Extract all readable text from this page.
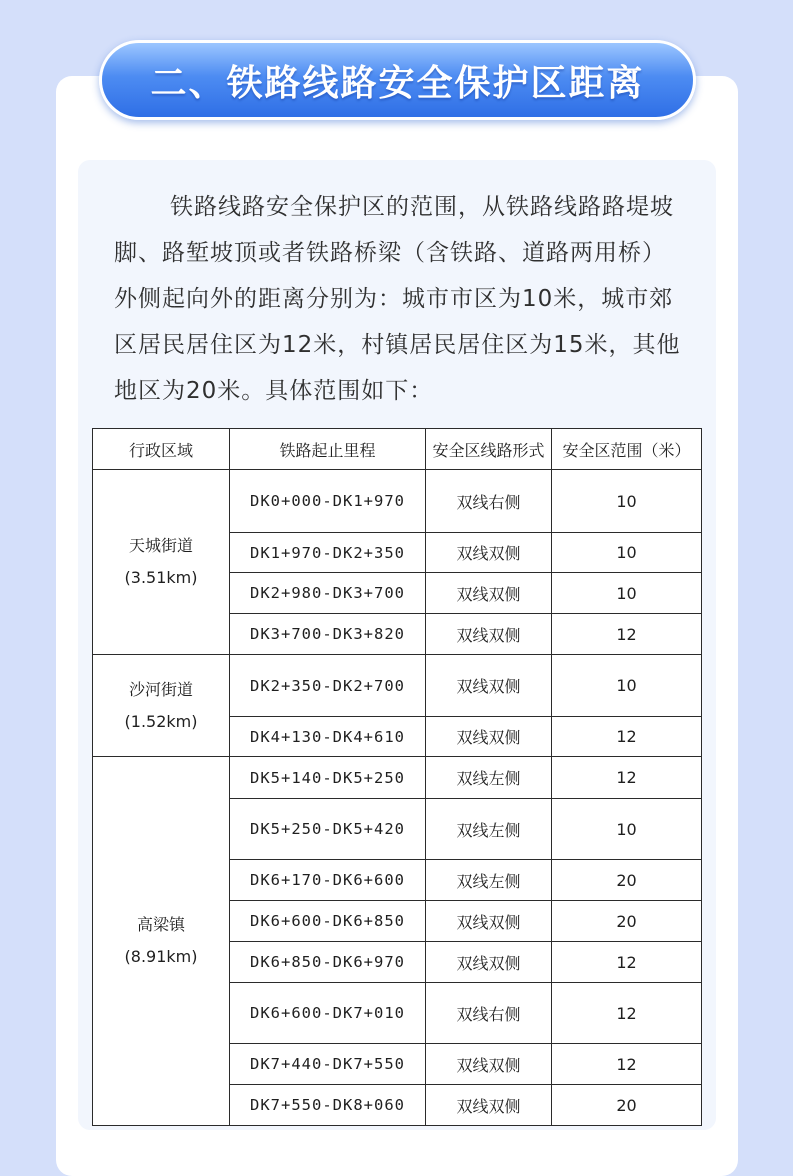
二、铁路线路安全保护区距离

铁路线路安全保护区的范围，从铁路线路路堤坡脚、路堑坡顶或者铁路桥梁（含铁路、道路两用桥）外侧起向外的距离分别为：城市市区为10米，城市郊区居民居住区为12米，村镇居民居住区为15米，其他地区为20米。具体范围如下：

行政区域	铁路起止里程	安全区线路形式	安全区范围（米）

天城街道
(3.51km)	DK0+000-DK1+970	双线右侧	10
	DK1+970-DK2+350	双线双侧	10
	DK2+980-DK3+700	双线双侧	10
	DK3+700-DK3+820	双线双侧	12

沙河街道
(1.52km)	DK2+350-DK2+700	双线双侧	10
	DK4+130-DK4+610	双线双侧	12

高梁镇
(8.91km)	DK5+140-DK5+250	双线左侧	12
	DK5+250-DK5+420	双线左侧	10
	DK6+170-DK6+600	双线左侧	20
	DK6+600-DK6+850	双线双侧	20
	DK6+850-DK6+970	双线双侧	12
	DK6+600-DK7+010	双线右侧	12
	DK7+440-DK7+550	双线双侧	12
	DK7+550-DK8+060	双线双侧	20
